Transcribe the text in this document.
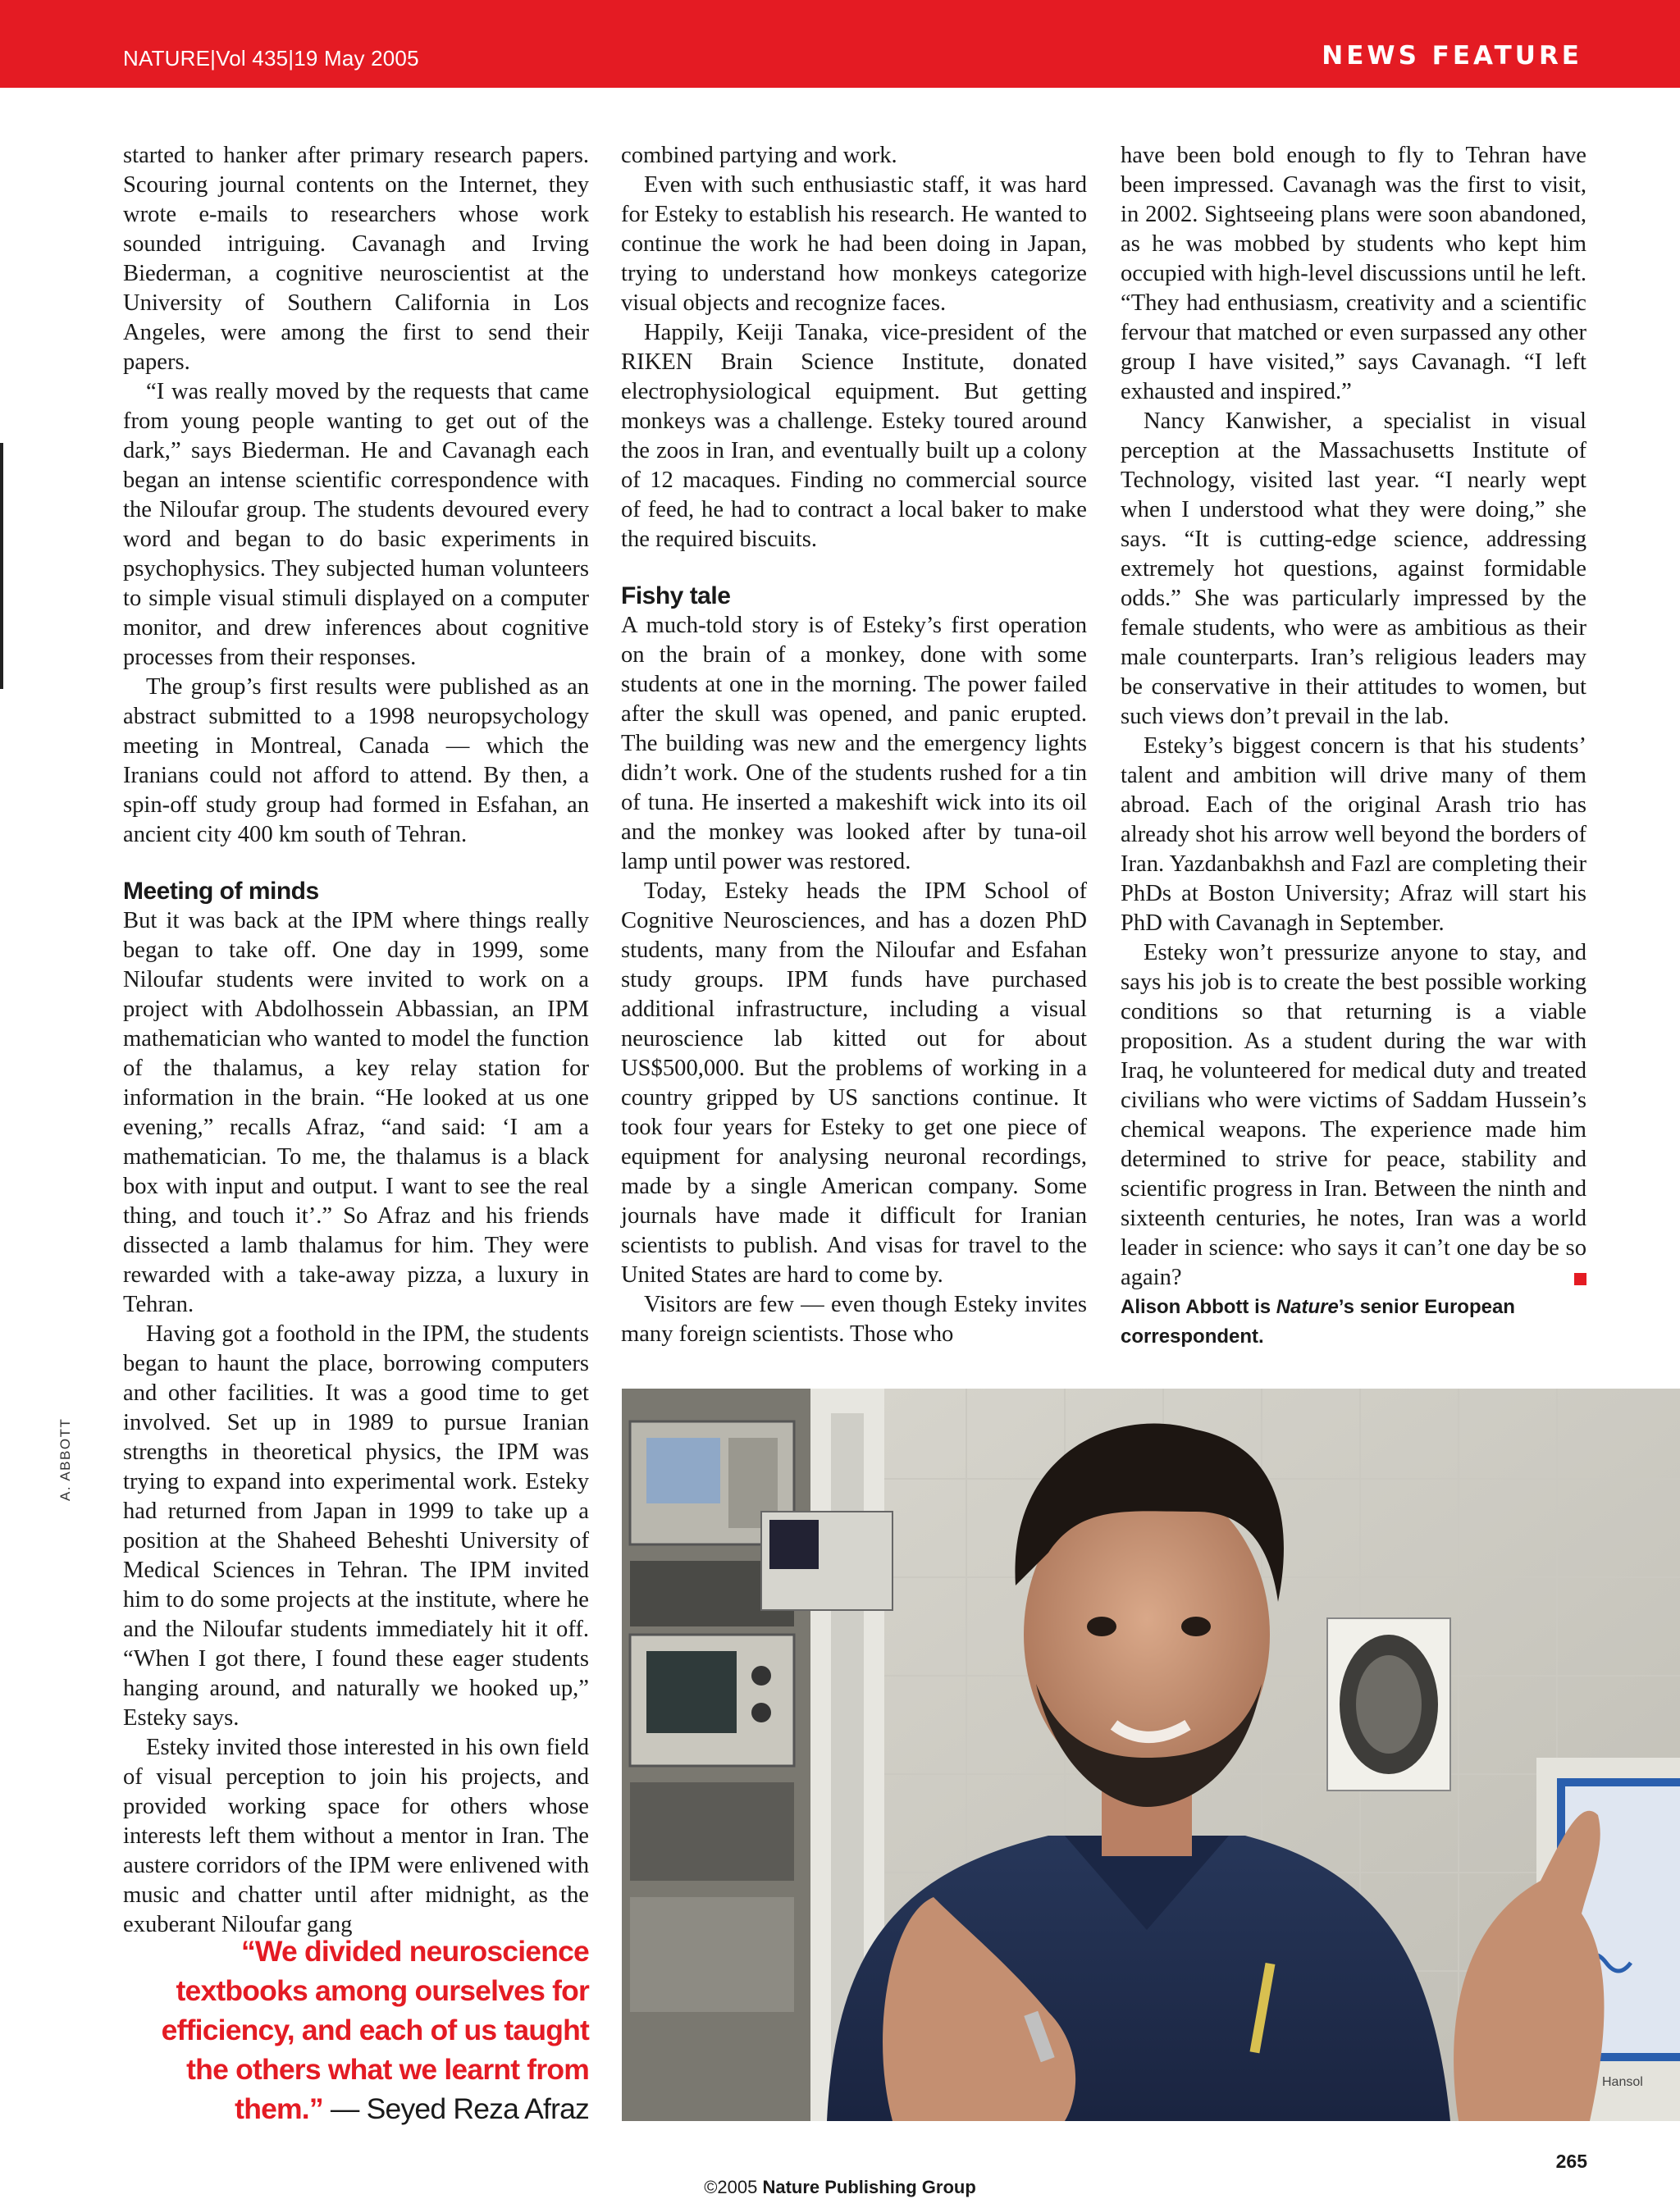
NATURE|Vol 435|19 May 2005	NEWS FEATURE

started to hanker after primary research papers. Scouring journal contents on the Internet, they wrote e-mails to researchers whose work sounded intriguing. Cavanagh and Irving Biederman, a cognitive neuroscientist at the University of Southern California in Los Angeles, were among the first to send their papers.

“I was really moved by the requests that came from young people wanting to get out of the dark,” says Biederman. He and Cavanagh each began an intense scientific correspondence with the Niloufar group. The students devoured every word and began to do basic experiments in psychophysics. They subjected human volunteers to simple visual stimuli displayed on a computer monitor, and drew inferences about cognitive processes from their responses.

The group’s first results were published as an abstract submitted to a 1998 neuropsychology meeting in Montreal, Canada — which the Iranians could not afford to attend. By then, a spin-off study group had formed in Esfahan, an ancient city 400 km south of Tehran.

Meeting of minds

But it was back at the IPM where things really began to take off. One day in 1999, some Niloufar students were invited to work on a project with Abdolhossein Abbassian, an IPM mathematician who wanted to model the function of the thalamus, a key relay station for information in the brain. “He looked at us one evening,” recalls Afraz, “and said: ‘I am a mathematician. To me, the thalamus is a black box with input and output. I want to see the real thing, and touch it’.” So Afraz and his friends dissected a lamb thalamus for him. They were rewarded with a take-away pizza, a luxury in Tehran.

Having got a foothold in the IPM, the students began to haunt the place, borrowing computers and other facilities. It was a good time to get involved. Set up in 1989 to pursue Iranian strengths in theoretical physics, the IPM was trying to expand into experimental work. Esteky had returned from Japan in 1999 to take up a position at the Shaheed Beheshti University of Medical Sciences in Tehran. The IPM invited him to do some projects at the institute, where he and the Niloufar students immediately hit it off. “When I got there, I found these eager students hanging around, and naturally we hooked up,” Esteky says.

Esteky invited those interested in his own field of visual perception to join his projects, and provided working space for others whose interests left them without a mentor in Iran. The austere corridors of the IPM were enlivened with music and chatter until after midnight, as the exuberant Niloufar gang

combined partying and work.

Even with such enthusiastic staff, it was hard for Esteky to establish his research. He wanted to continue the work he had been doing in Japan, trying to understand how monkeys categorize visual objects and recognize faces.

Happily, Keiji Tanaka, vice-president of the RIKEN Brain Science Institute, donated electrophysiological equipment. But getting monkeys was a challenge. Esteky toured around the zoos in Iran, and eventually built up a colony of 12 macaques. Finding no commercial source of feed, he had to contract a local baker to make the required biscuits.

Fishy tale

A much-told story is of Esteky’s first operation on the brain of a monkey, done with some students at one in the morning. The power failed after the skull was opened, and panic erupted. The building was new and the emergency lights didn’t work. One of the students rushed for a tin of tuna. He inserted a makeshift wick into its oil and the monkey was looked after by tuna-oil lamp until power was restored.

Today, Esteky heads the IPM School of Cognitive Neurosciences, and has a dozen PhD students, many from the Niloufar and Esfahan study groups. IPM funds have purchased additional infrastructure, including a visual neuroscience lab kitted out for about US$500,000. But the problems of working in a country gripped by US sanctions continue. It took four years for Esteky to get one piece of equipment for analysing neuronal recordings, made by a single American company. Some journals have made it difficult for Iranian scientists to publish. And visas for travel to the United States are hard to come by.

Visitors are few — even though Esteky invites many foreign scientists. Those who

have been bold enough to fly to Tehran have been impressed. Cavanagh was the first to visit, in 2002. Sightseeing plans were soon abandoned, as he was mobbed by students who kept him occupied with high-level discussions until he left. “They had enthusiasm, creativity and a scientific fervour that matched or even surpassed any other group I have visited,” says Cavanagh. “I left exhausted and inspired.”

Nancy Kanwisher, a specialist in visual perception at the Massachusetts Institute of Technology, visited last year. “I nearly wept when I understood what they were doing,” she says. “It is cutting-edge science, addressing extremely hot questions, against formidable odds.” She was particularly impressed by the female students, who were as ambitious as their male counterparts. Iran’s religious leaders may be conservative in their attitudes to women, but such views don’t prevail in the lab.

Esteky’s biggest concern is that his students’ talent and ambition will drive many of them abroad. Each of the original Arash trio has already shot his arrow well beyond the borders of Iran. Yazdanbakhsh and Fazl are completing their PhDs at Boston University; Afraz will start his PhD with Cavanagh in September.

Esteky won’t pressurize anyone to stay, and says his job is to create the best possible working conditions so that returning is a viable proposition. As a student during the war with Iraq, he volunteered for medical duty and treated civilians who were victims of Saddam Hussein’s chemical weapons. The experience made him determined to strive for peace, stability and scientific progress in Iran. Between the ninth and sixteenth centuries, he notes, Iran was a world leader in science: who says it can’t one day be so again?

Alison Abbott is Nature’s senior European correspondent.
A. ABBOTT
“We divided neuroscience textbooks among ourselves for efficiency, and each of us taught the others what we learnt from them.” — Seyed Reza Afraz
Hansol
265
©2005 Nature Publishing Group
